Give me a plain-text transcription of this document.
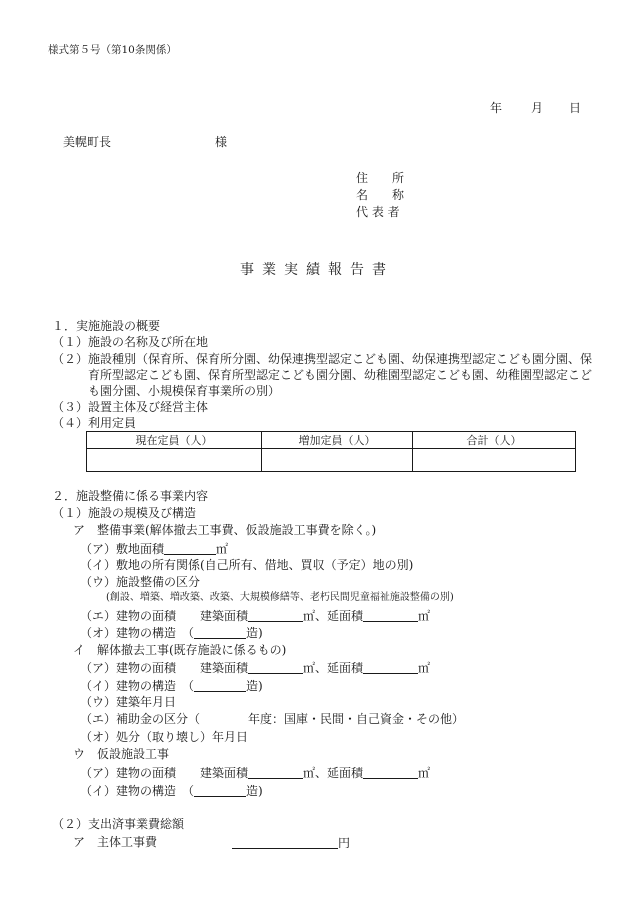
様式第５号（第10条関係）
年 月 日
美幌町長	様
住　　所
名　　称
代 表 者
事業実績報告書
１．実施施設の概要
（１）施設の名称及び所在地
（２）施設種別（保育所、保育所分園、幼保連携型認定こども園、幼保連携型認定こども園分園、保
育所型認定こども園、保育所型認定こども園分園、幼稚園型認定こども園、幼稚園型認定こど
も園分園、小規模保育事業所の別）
（３）設置主体及び経営主体
（４）利用定員
現在定員（人）	増加定員（人）	合計（人）

２．施設整備に係る事業内容
（１）施設の規模及び構造
ア　整備事業(解体撤去工事費、仮設施設工事費を除く。)
（ア）敷地面積	㎡
（イ）敷地の所有関係(自己所有、借地、買収（予定）地の別)
（ウ）施設整備の区分
(創設、増築、増改築、改築、大規模修繕等、老朽民間児童福祉施設整備の別)
（エ）建物の面積　　建築面積	㎡、延面積	㎡
（オ）建物の構造　（	造)
イ　解体撤去工事(既存施設に係るもの)
（ア）建物の面積　　建築面積	㎡、延面積	㎡
（イ）建物の構造　（	造)
（ウ）建築年月日
（エ）補助金の区分（　　　　年度：国庫・民間・自己資金・その他）
（オ）処分（取り壊し）年月日
ウ　仮設施設工事
（ア）建物の面積　　建築面積	㎡、延面積	㎡
（イ）建物の構造　（	造)
（２）支出済事業費総額
ア　主体工事費	円
